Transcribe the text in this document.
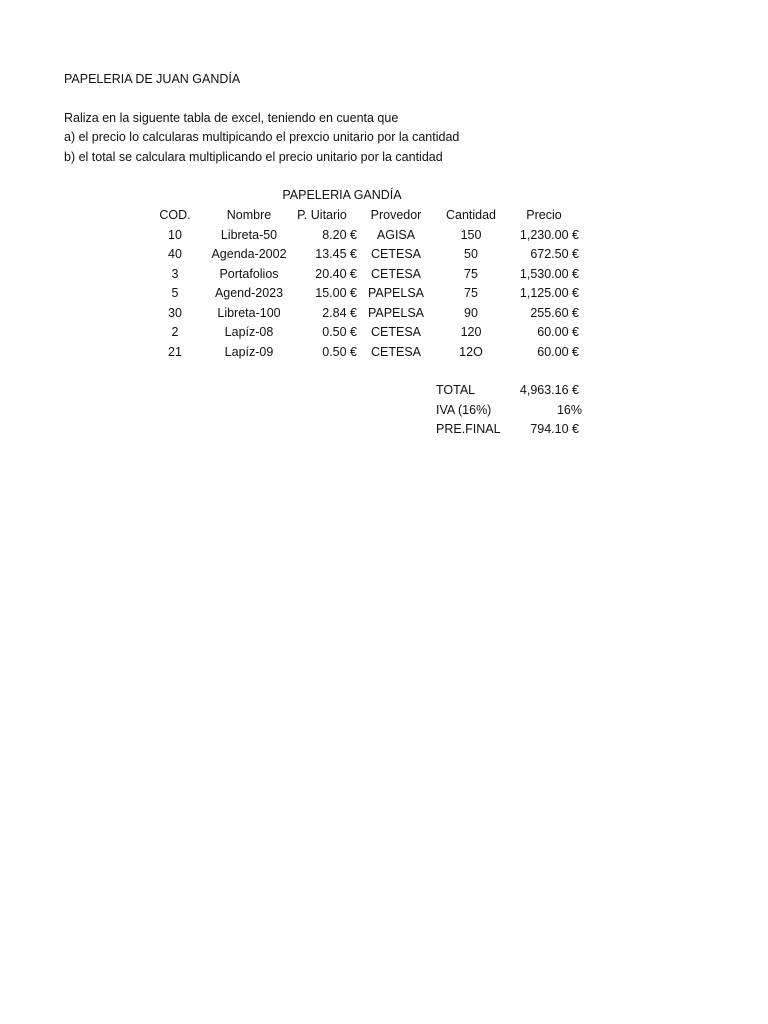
PAPELERIA DE JUAN GANDÍA
Raliza en la siguente tabla de excel, teniendo en cuenta que
a) el precio lo calcularas multipicando el prexcio unitario por la cantidad
b) el total se calculara multiplicando el precio unitario por la cantidad
PAPELERIA GANDÍA
COD.	Nombre	P. Uitario	Provedor	Cantidad	Precio
10	Libreta-50	8.20 €	AGISA	150	1,230.00 €
40	Agenda-2002	13.45 €	CETESA	50	672.50 €
3	Portafolios	20.40 €	CETESA	75	1,530.00 €
5	Agend-2023	15.00 € PAPELSA	75	1,125.00 €
30	Libreta-100	2.84 € PAPELSA	90	255.60 €
2	Lapíz-08	0.50 €	CETESA	120	60.00 €
21	Lapíz-09	0.50 €	CETESA	12O	60.00 €
TOTAL	4,963.16 €
IVA (16%)	16%
PRE.FINAL	794.10 €
